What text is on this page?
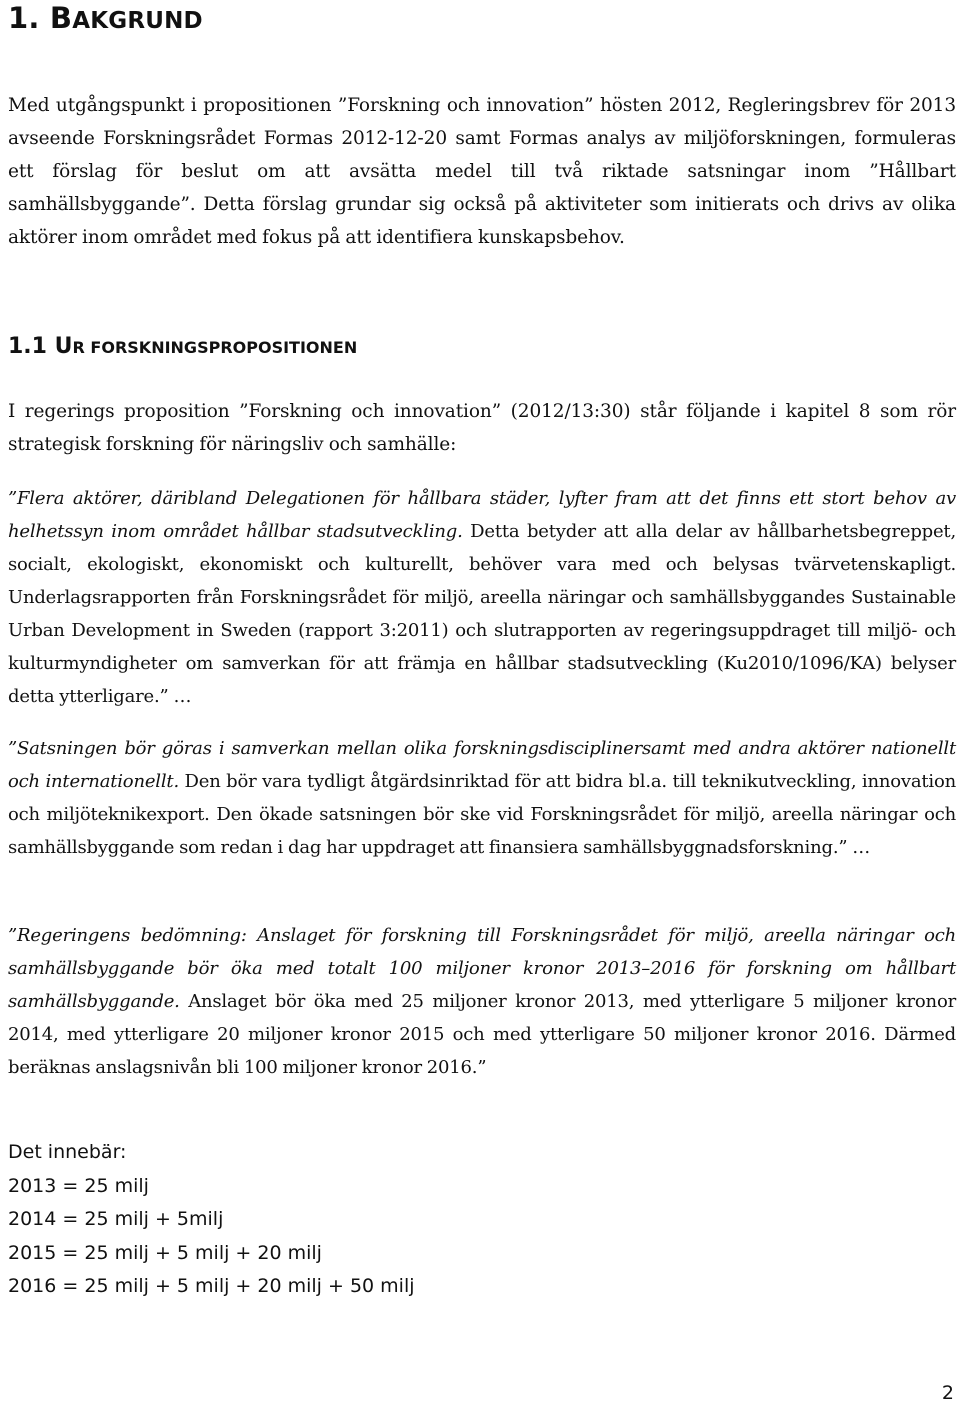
1. BAKGRUND

Med utgångspunkt i propositionen ”Forskning och innovation” hösten 2012, Regleringsbrev för 2013 avseende Forskningsrådet Formas 2012-12-20 samt Formas analys av miljöforskningen, formuleras ett förslag för beslut om att avsätta medel till två riktade satsningar inom ”Hållbart samhällsbyggande”. Detta förslag grundar sig också på aktiviteter som initierats och drivs av olika aktörer inom området med fokus på att identifiera kunskapsbehov.

1.1 UR FORSKNINGSPROPOSITIONEN

I regerings proposition ”Forskning och innovation” (2012/13:30) står följande i kapitel 8 som rör strategisk forskning för näringsliv och samhälle:

”Flera aktörer, däribland Delegationen för hållbara städer, lyfter fram att det finns ett stort behov av helhetssyn inom området hållbar stadsutveckling. Detta betyder att alla delar av hållbarhetsbegreppet, socialt, ekologiskt, ekonomiskt och kulturellt, behöver vara med och belysas tvärvetenskapligt. Underlagsrapporten från Forskningsrådet för miljö, areella näringar och samhällsbyggandes Sustainable Urban Development in Sweden (rapport 3:2011) och slutrapporten av regeringsuppdraget till miljö- och kulturmyndigheter om samverkan för att främja en hållbar stadsutveckling (Ku2010/1096/KA) belyser detta ytterligare.” …

”Satsningen bör göras i samverkan mellan olika forskningsdisciplinersamt med andra aktörer nationellt och internationellt. Den bör vara tydligt åtgärdsinriktad för att bidra bl.a. till teknikutveckling, innovation och miljöteknikexport. Den ökade satsningen bör ske vid Forskningsrådet för miljö, areella näringar och samhällsbyggande som redan i dag har uppdraget att finansiera samhällsbyggnadsforskning.” …

”Regeringens bedömning: Anslaget för forskning till Forskningsrådet för miljö, areella näringar och samhällsbyggande bör öka med totalt 100 miljoner kronor 2013–2016 för forskning om hållbart samhällsbyggande. Anslaget bör öka med 25 miljoner kronor 2013, med ytterligare 5 miljoner kronor 2014, med ytterligare 20 miljoner kronor 2015 och med ytterligare 50 miljoner kronor 2016. Därmed beräknas anslagsnivån bli 100 miljoner kronor 2016.”

Det innebär:
2013 = 25 milj
2014 = 25 milj + 5milj
2015 = 25 milj + 5 milj + 20 milj
2016 = 25 milj + 5 milj + 20 milj + 50 milj
2
